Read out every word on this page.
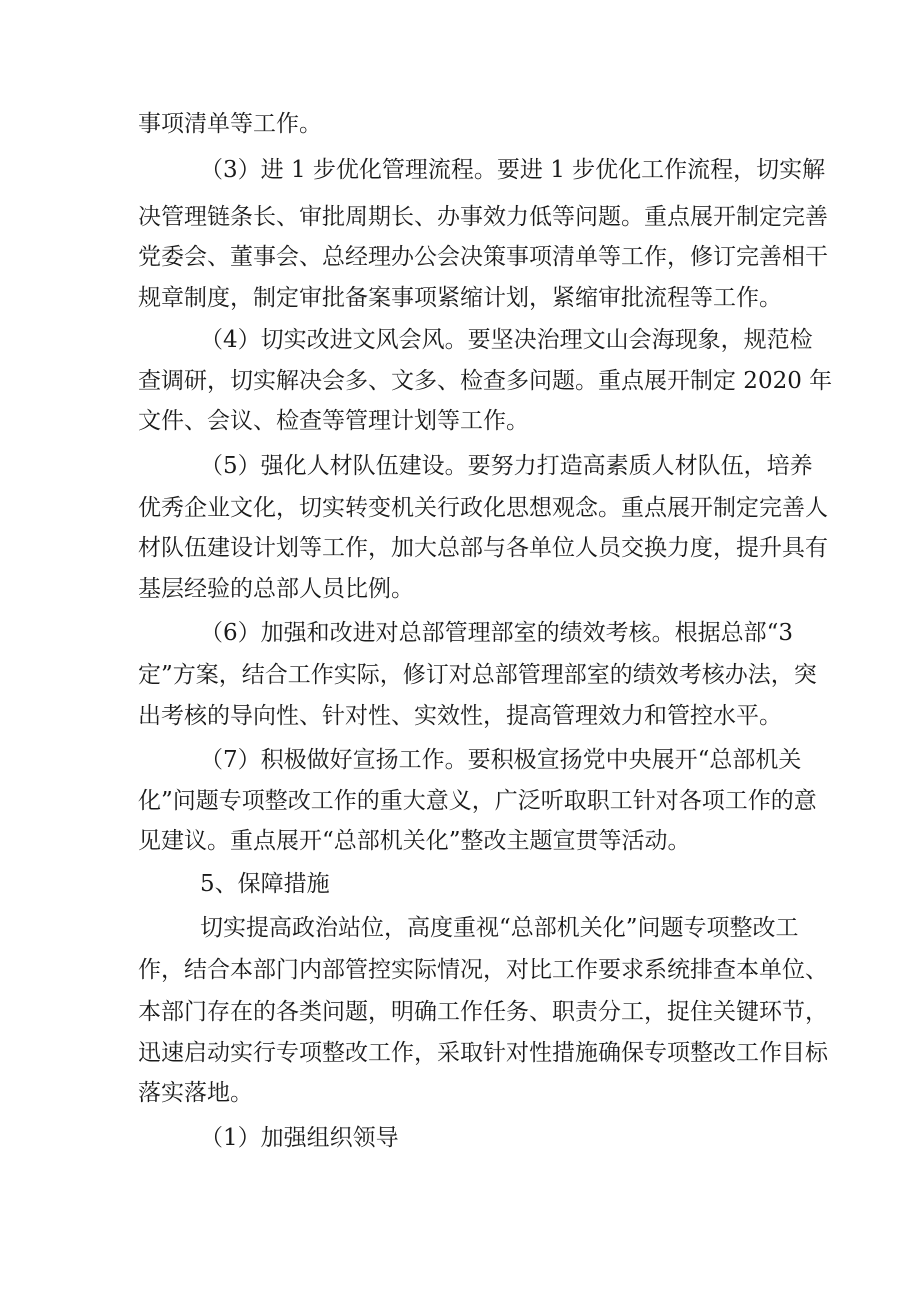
事项清单等工作。
（3）进 1 步优化管理流程。要进 1 步优化工作流程，切实解
决管理链条长、审批周期长、办事效力低等问题。重点展开制定完善
党委会、董事会、总经理办公会决策事项清单等工作，修订完善相干
规章制度，制定审批备案事项紧缩计划，紧缩审批流程等工作。
（4）切实改进文风会风。要坚决治理文山会海现象，规范检
查调研，切实解决会多、文多、检查多问题。重点展开制定 2020 年
文件、会议、检查等管理计划等工作。
（5）强化人材队伍建设。要努力打造高素质人材队伍，培养
优秀企业文化，切实转变机关行政化思想观念。重点展开制定完善人
材队伍建设计划等工作，加大总部与各单位人员交换力度，提升具有
基层经验的总部人员比例。
（6）加强和改进对总部管理部室的绩效考核。根据总部“3
定”方案，结合工作实际，修订对总部管理部室的绩效考核办法，突
出考核的导向性、针对性、实效性，提高管理效力和管控水平。
（7）积极做好宣扬工作。要积极宣扬党中央展开“总部机关
化”问题专项整改工作的重大意义，广泛听取职工针对各项工作的意
见建议。重点展开“总部机关化”整改主题宣贯等活动。
5、保障措施
切实提高政治站位，高度重视“总部机关化”问题专项整改工
作，结合本部门内部管控实际情况，对比工作要求系统排查本单位、
本部门存在的各类问题，明确工作任务、职责分工，捉住关键环节，
迅速启动实行专项整改工作，采取针对性措施确保专项整改工作目标
落实落地。
（1）加强组织领导
